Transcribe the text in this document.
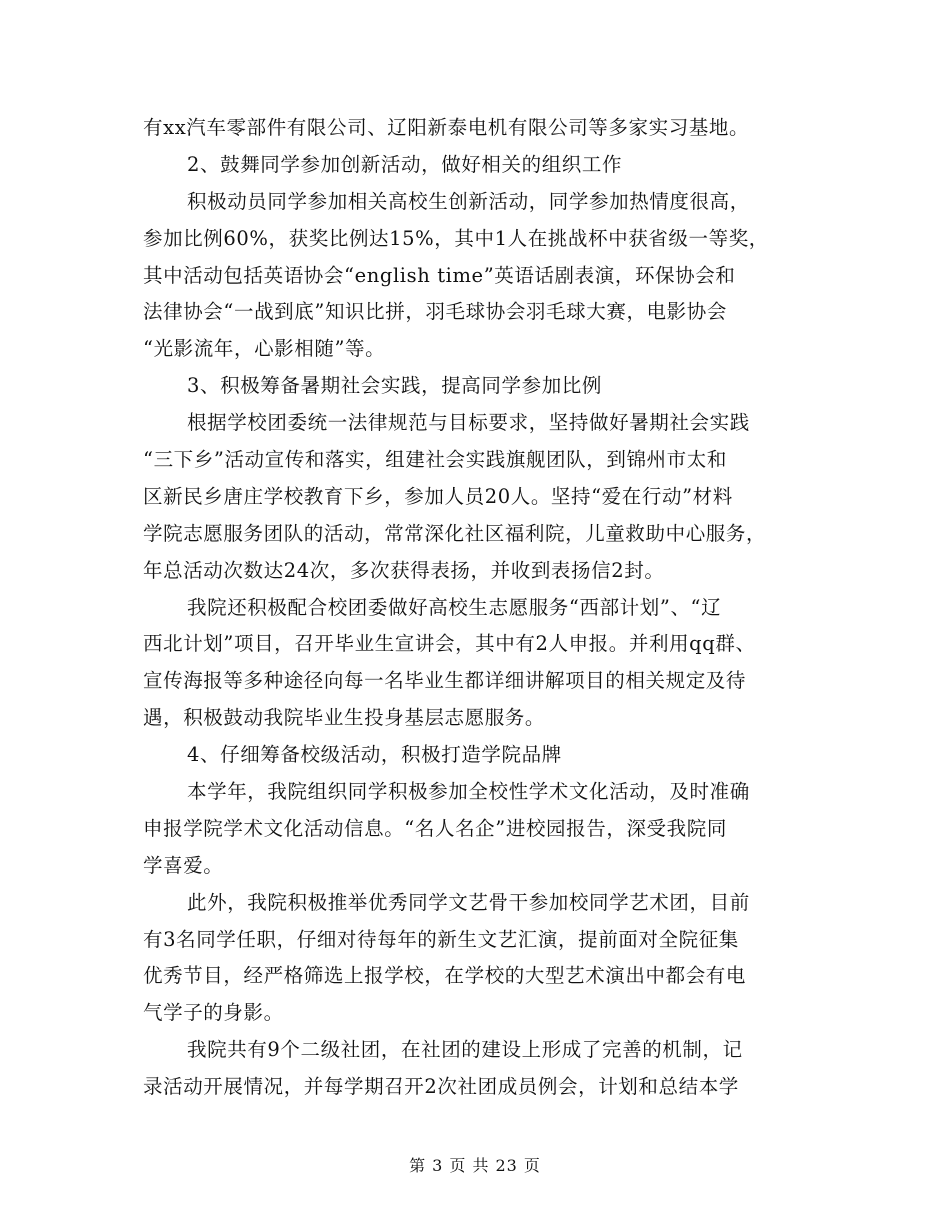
有xx汽车零部件有限公司、辽阳新泰电机有限公司等多家实习基地。
2、鼓舞同学参加创新活动，做好相关的组织工作
积极动员同学参加相关高校生创新活动，同学参加热情度很高，
参加比例60%，获奖比例达15%，其中1人在挑战杯中获省级一等奖，
其中活动包括英语协会“english time”英语话剧表演，环保协会和
法律协会“一战到底”知识比拼，羽毛球协会羽毛球大赛，电影协会
“光影流年，心影相随”等。
3、积极筹备暑期社会实践，提高同学参加比例
根据学校团委统一法律规范与目标要求，坚持做好暑期社会实践
“三下乡”活动宣传和落实，组建社会实践旗舰团队，到锦州市太和
区新民乡唐庄学校教育下乡，参加人员20人。坚持“爱在行动”材料
学院志愿服务团队的活动，常常深化社区福利院，儿童救助中心服务，
年总活动次数达24次，多次获得表扬，并收到表扬信2封。
我院还积极配合校团委做好高校生志愿服务“西部计划”、“辽
西北计划”项目，召开毕业生宣讲会，其中有2人申报。并利用qq群、
宣传海报等多种途径向每一名毕业生都详细讲解项目的相关规定及待
遇，积极鼓动我院毕业生投身基层志愿服务。
4、仔细筹备校级活动，积极打造学院品牌
本学年，我院组织同学积极参加全校性学术文化活动，及时准确
申报学院学术文化活动信息。“名人名企”进校园报告，深受我院同
学喜爱。
此外，我院积极推举优秀同学文艺骨干参加校同学艺术团，目前
有3名同学任职，仔细对待每年的新生文艺汇演，提前面对全院征集
优秀节目，经严格筛选上报学校，在学校的大型艺术演出中都会有电
气学子的身影。
我院共有9个二级社团，在社团的建设上形成了完善的机制，记
录活动开展情况，并每学期召开2次社团成员例会，计划和总结本学
第 3 页 共 23 页
